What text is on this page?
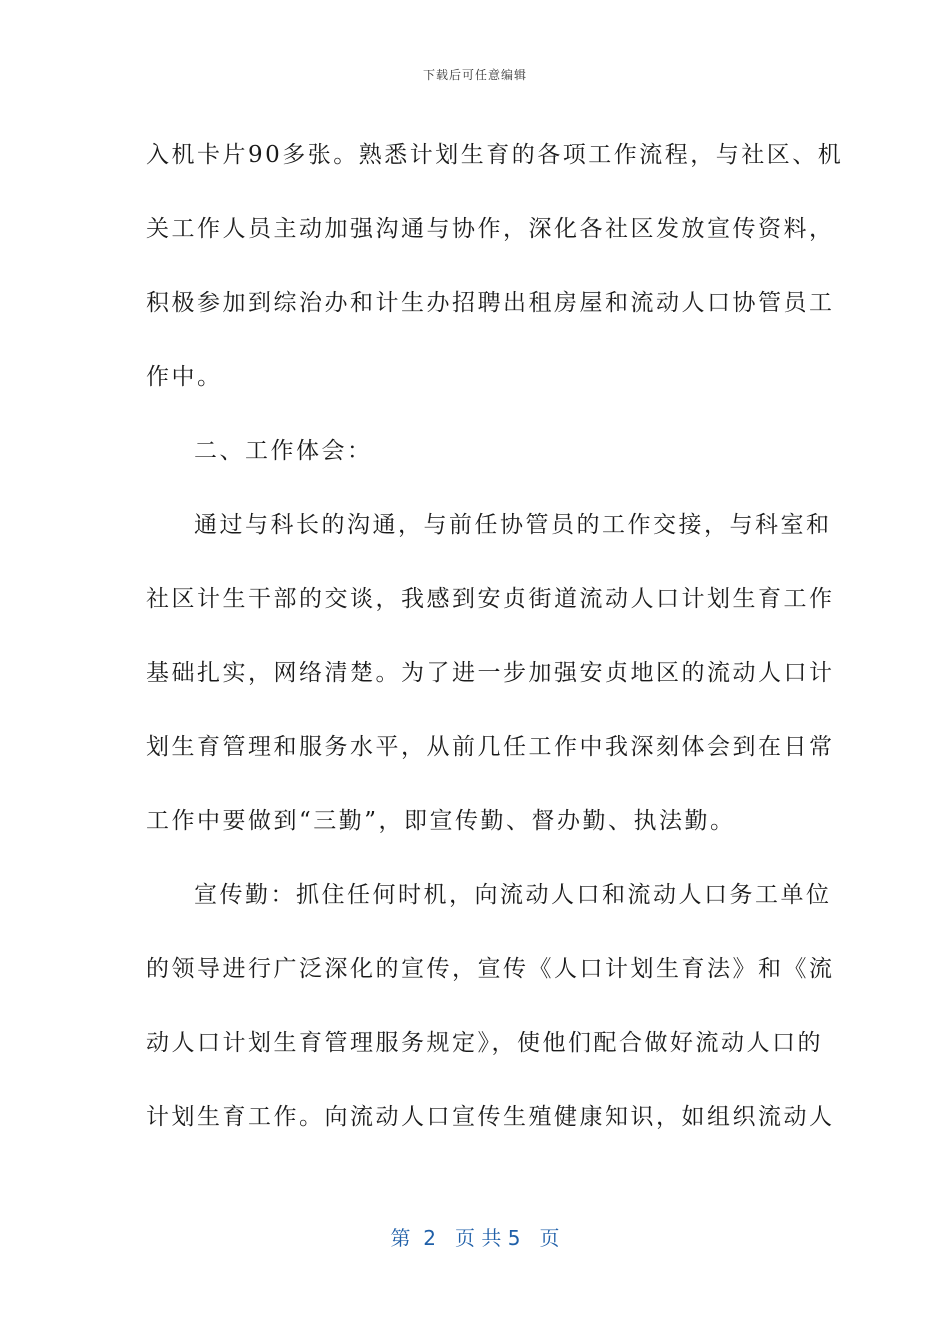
下载后可任意编辑
入机卡片90多张。熟悉计划生育的各项工作流程，与社区、机
关工作人员主动加强沟通与协作，深化各社区发放宣传资料，
积极参加到综治办和计生办招聘出租房屋和流动人口协管员工
作中。
二、工作体会：
通过与科长的沟通，与前任协管员的工作交接，与科室和
社区计生干部的交谈，我感到安贞街道流动人口计划生育工作
基础扎实，网络清楚。为了进一步加强安贞地区的流动人口计
划生育管理和服务水平，从前几任工作中我深刻体会到在日常
工作中要做到“三勤”，即宣传勤、督办勤、执法勤。
宣传勤：抓住任何时机，向流动人口和流动人口务工单位
的领导进行广泛深化的宣传，宣传《人口计划生育法》和《流
动人口计划生育管理服务规定》，使他们配合做好流动人口的
计划生育工作。向流动人口宣传生殖健康知识，如组织流动人
第  2   页 共 5   页
